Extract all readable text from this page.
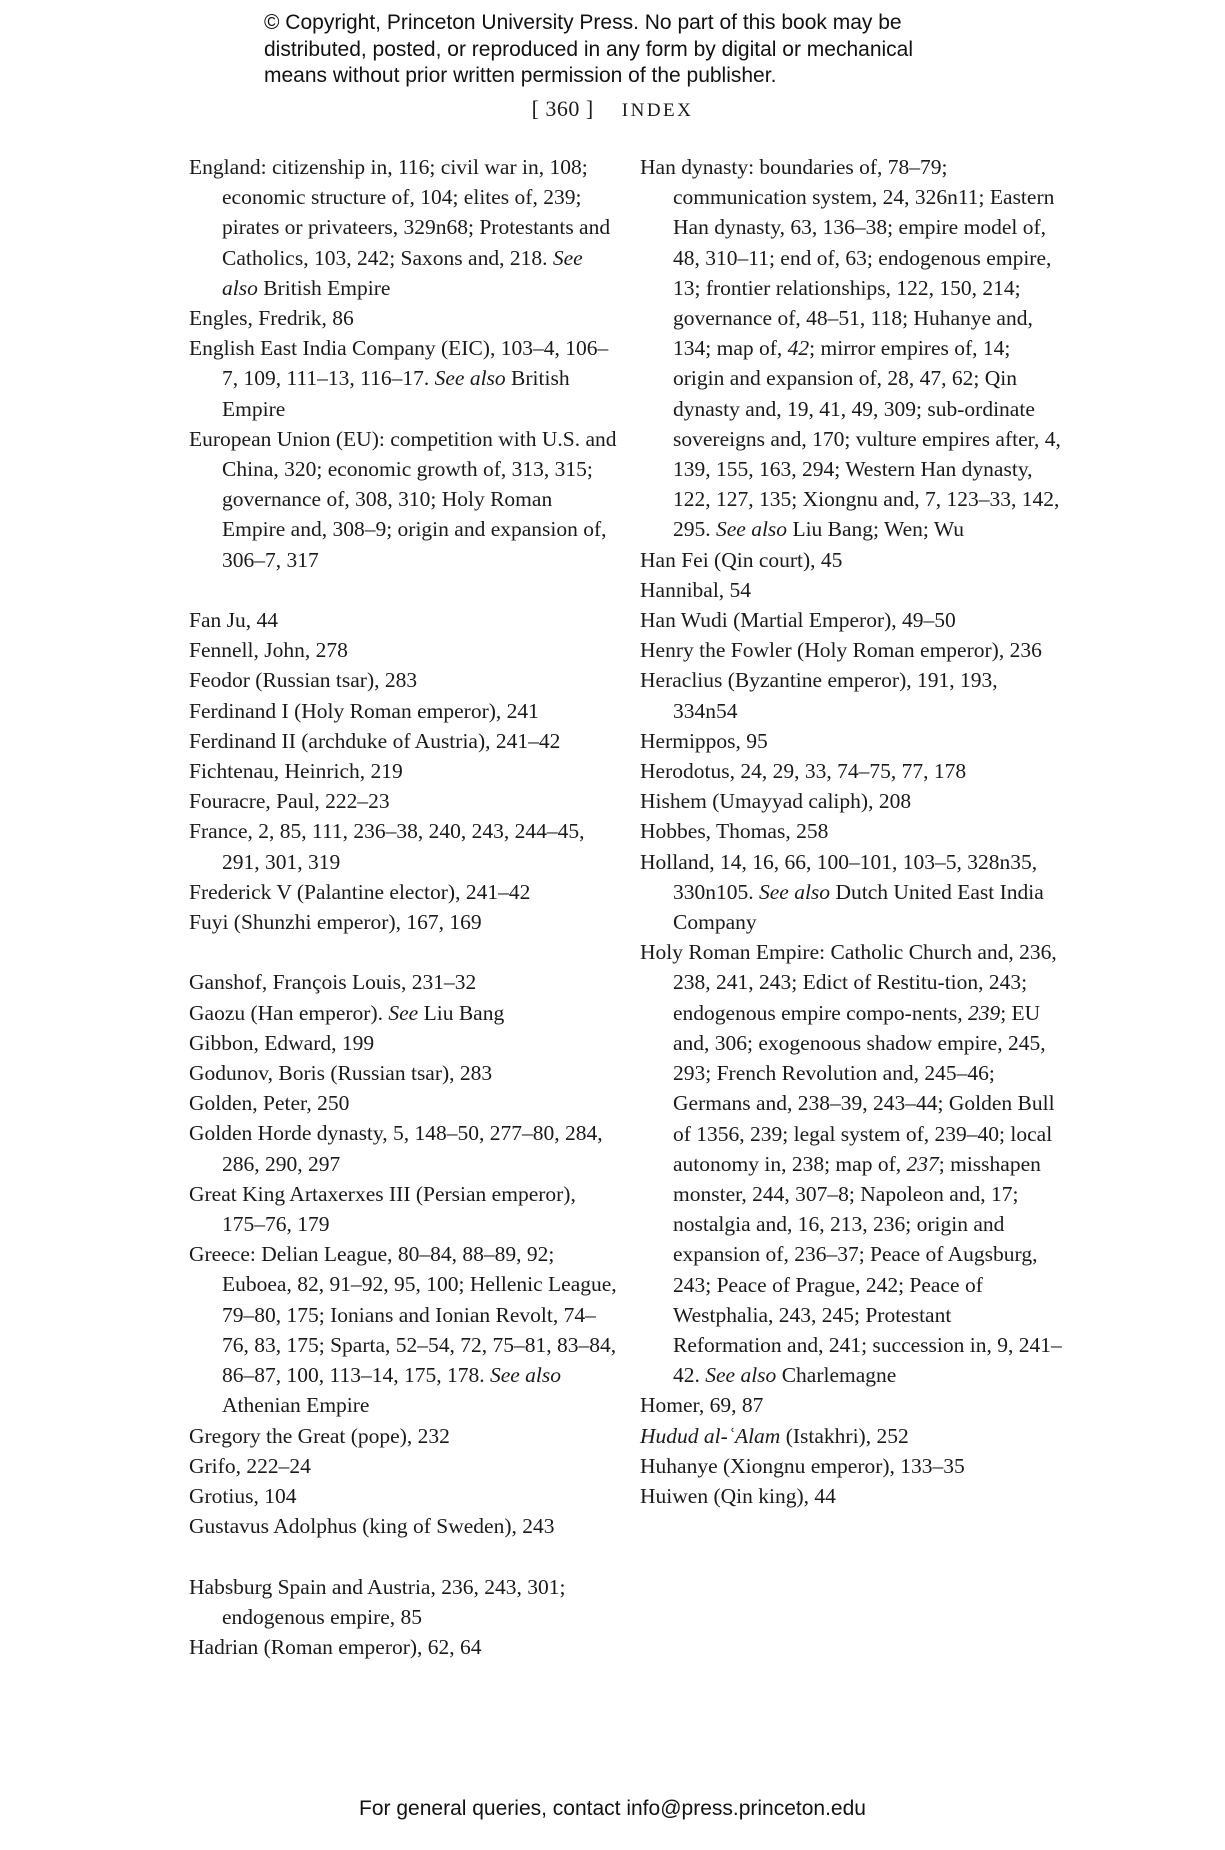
© Copyright, Princeton University Press. No part of this book may be

distributed, posted, or reproduced in any form by digital or mechanical

means without prior written permission of the publisher.

[ 360 ] INDEX

England: citizenship in, 116; civil war in, 108; economic structure of, 104; elites of, 239; pirates or privateers, 329n68; Protestants and Catholics, 103, 242; Saxons and, 218. See also British Empire

Engles, Fredrik, 86

English East India Company (EIC), 103–4, 106–7, 109, 111–13, 116–17. See also British Empire

European Union (EU): competition with U.S. and China, 320; economic growth of, 313, 315; governance of, 308, 310; Holy Roman Empire and, 308–9; origin and expansion of, 306–7, 317

Fan Ju, 44

Fennell, John, 278

Feodor (Russian tsar), 283

Ferdinand I (Holy Roman emperor), 241

Ferdinand II (archduke of Austria), 241–42

Fichtenau, Heinrich, 219

Fouracre, Paul, 222–23

France, 2, 85, 111, 236–38, 240, 243, 244–45, 291, 301, 319

Frederick V (Palantine elector), 241–42

Fuyi (Shunzhi emperor), 167, 169

Ganshof, François Louis, 231–32

Gaozu (Han emperor). See Liu Bang

Gibbon, Edward, 199

Godunov, Boris (Russian tsar), 283

Golden, Peter, 250

Golden Horde dynasty, 5, 148–50, 277–80, 284, 286, 290, 297

Great King Artaxerxes III (Persian emperor), 175–76, 179

Greece: Delian League, 80–84, 88–89, 92; Euboea, 82, 91–92, 95, 100; Hellenic League, 79–80, 175; Ionians and Ionian Revolt, 74–76, 83, 175; Sparta, 52–54, 72, 75–81, 83–84, 86–87, 100, 113–14, 175, 178. See also Athenian Empire

Gregory the Great (pope), 232

Grifo, 222–24

Grotius, 104

Gustavus Adolphus (king of Sweden), 243

Habsburg Spain and Austria, 236, 243, 301; endogenous empire, 85

Hadrian (Roman emperor), 62, 64

Han dynasty: boundaries of, 78–79; communication system, 24, 326n11; Eastern Han dynasty, 63, 136–38; empire model of, 48, 310–11; end of, 63; endogenous empire, 13; frontier relationships, 122, 150, 214; governance of, 48–51, 118; Huhanye and, 134; map of, 42; mirror empires of, 14; origin and expansion of, 28, 47, 62; Qin dynasty and, 19, 41, 49, 309; sub-ordinate sovereigns and, 170; vulture empires after, 4, 139, 155, 163, 294; Western Han dynasty, 122, 127, 135; Xiongnu and, 7, 123–33, 142, 295. See also Liu Bang; Wen; Wu

Han Fei (Qin court), 45

Hannibal, 54

Han Wudi (Martial Emperor), 49–50

Henry the Fowler (Holy Roman emperor), 236

Heraclius (Byzantine emperor), 191, 193, 334n54

Hermippos, 95

Herodotus, 24, 29, 33, 74–75, 77, 178

Hishem (Umayyad caliph), 208

Hobbes, Thomas, 258

Holland, 14, 16, 66, 100–101, 103–5, 328n35, 330n105. See also Dutch United East India Company

Holy Roman Empire: Catholic Church and, 236, 238, 241, 243; Edict of Restitu-tion, 243; endogenous empire compo-nents, 239; EU and, 306; exogenoous shadow empire, 245, 293; French Revolution and, 245–46; Germans and, 238–39, 243–44; Golden Bull of 1356, 239; legal system of, 239–40; local autonomy in, 238; map of, 237; misshapen monster, 244, 307–8; Napoleon and, 17; nostalgia and, 16, 213, 236; origin and expansion of, 236–37; Peace of Augsburg, 243; Peace of Prague, 242; Peace of Westphalia, 243, 245; Protestant Reformation and, 241; succession in, 9, 241–42. See also Charlemagne

Homer, 69, 87

Hudud al-ʿAlam (Istakhri), 252

Huhanye (Xiongnu emperor), 133–35

Huiwen (Qin king), 44

For general queries, contact info@press.princeton.edu
